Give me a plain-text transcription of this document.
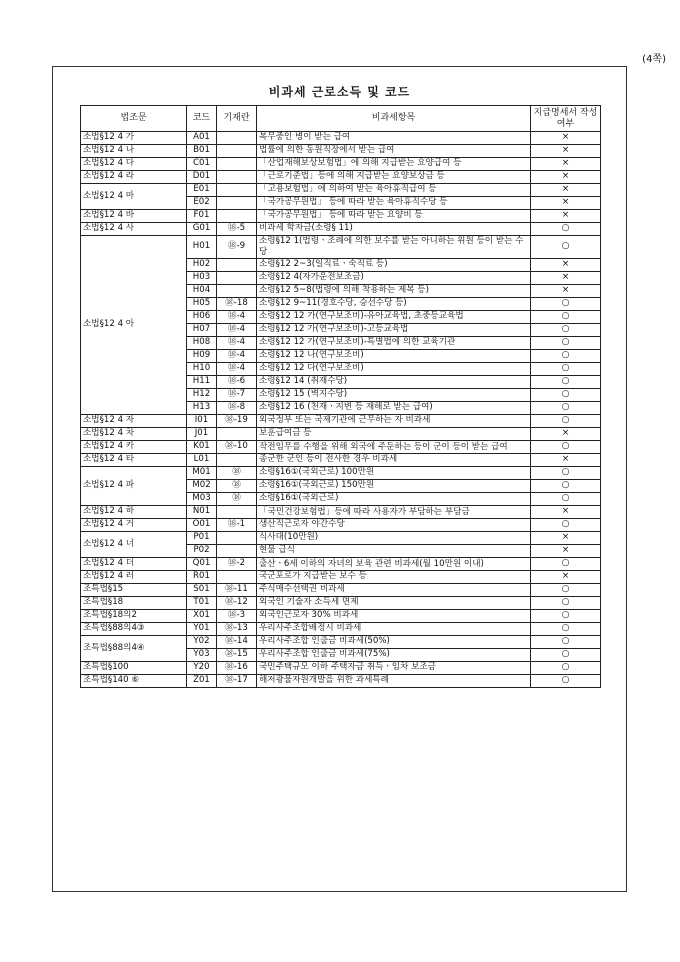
(4쪽)
비과세 근로소득 및 코드
법조문	코드	기재란	비과세항목	지급명세서 작성 여부
소법§12 4 가	A01		복무중인 병이 받는 급여	×
소법§12 4 나	B01		법률에 의한 동원직장에서 받는 급여	×
소법§12 4 다	C01		「산업재해보상보험법」에 의해 지급받는 요양급여 등	×
소법§12 4 라	D01		「근로기준법」등에 의해 지급받는 요양보상금 등	×
소법§12 4 마	E01		「고용보험법」에 의하여 받는 육아휴직급여 등	×
	E02		「국가공무원법」 등에 따라 받는 육아휴직수당 등	×
소법§12 4 바	F01		「국가공무원법」 등에 따라 받는 요양비 등	×
소법§12 4 사	G01	⑱-5	비과세 학자금(소령§ 11)	○
소법§12 4 아	H01	⑱-9	소령§12 1(법령ㆍ조례에 의한 보수를 받는 아니하는 위원 등이 받는 수당	○
	H02		소령§12 2~3(일직료ㆍ숙직료 등)	×
	H03		소령§12 4(자가운전보조금)	×
	H04		소령§12 5~8(법령에 의해 착용하는 제복 등)	×
	H05	⑱-18	소령§12 9~11(경호수당, 승선수당 등)	○
	H06	⑱-4	소령§12 12 가(연구보조비)-유아교육법, 초중등교육법	○
	H07	⑱-4	소령§12 12 가(연구보조비)-고등교육법	○
	H08	⑱-4	소령§12 12 가(연구보조비)-특별법에 의한 교육기관	○
	H09	⑱-4	소령§12 12 나(연구보조비)	○
	H10	⑱-4	소령§12 12 다(연구보조비)	○
	H11	⑱-6	소령§12 14 (취재수당)	○
	H12	⑱-7	소령§12 15 (벽지수당)	○
	H13	⑱-8	소령§12 16 (천재ㆍ지변 등 재해로 받는 급여)	○
소법§12 4 자	I01	⑱-19	외국정부 또는 국제기관에 근무하는 자 비과세	○
소법§12 4 차	J01		보훈급여금 등	×
소법§12 4 카	K01	⑱-10	작전임무를 수행을 위해 외국에 주둔하는 등이 군이 등이 받는 급여	○
소법§12 4 타	L01		종군한 군인 등이 전사한 경우 비과세	×
소법§12 4 파	M01	⑱	소령§16①(국외근로) 100만원	○
	M02	⑱	소령§16①(국외근로) 150만원	○
	M03	⑱	소령§16①(국외근로)	○
소법§12 4 하	N01		「국민건강보험법」등에 따라 사용자가 부담하는 부담금	×
소법§12 4 거	O01	⑱-1	생산직근로자 야간수당	○
소법§12 4 너	P01		식사대(10만원)	×
	P02		현물 급식	×
소법§12 4 더	Q01	⑱-2	출산ㆍ6세 이하의 자녀의 보육 관련 비과세(월 10만원 이내)	○
소법§12 4 러	R01		국군포로가 지급받는 보수 등	×
조특법§15	S01	⑱-11	주식매수선택권 비과세	○
조특법§18	T01	⑱-12	외국인 기술자 소득세 면제	○
조특법§18의2	X01	⑱-3	외국인근로자 30% 비과세	○
조특법§88의4③	Y01	⑱-13	우리사주조합배정시 비과세	○
조특법§88의4④	Y02	⑱-14	우리사주조합 인출금 비과세(50%)	○
	Y03	⑱-15	우리사주조합 인출금 비과세(75%)	○
조특법§100	Y20	⑱-16	국민주택규모 이하 주택자금 취득ㆍ임차 보조금	○
조특법§140 ⑥	Z01	⑱-17	해저광물자원개발을 위한 과세특례	○
